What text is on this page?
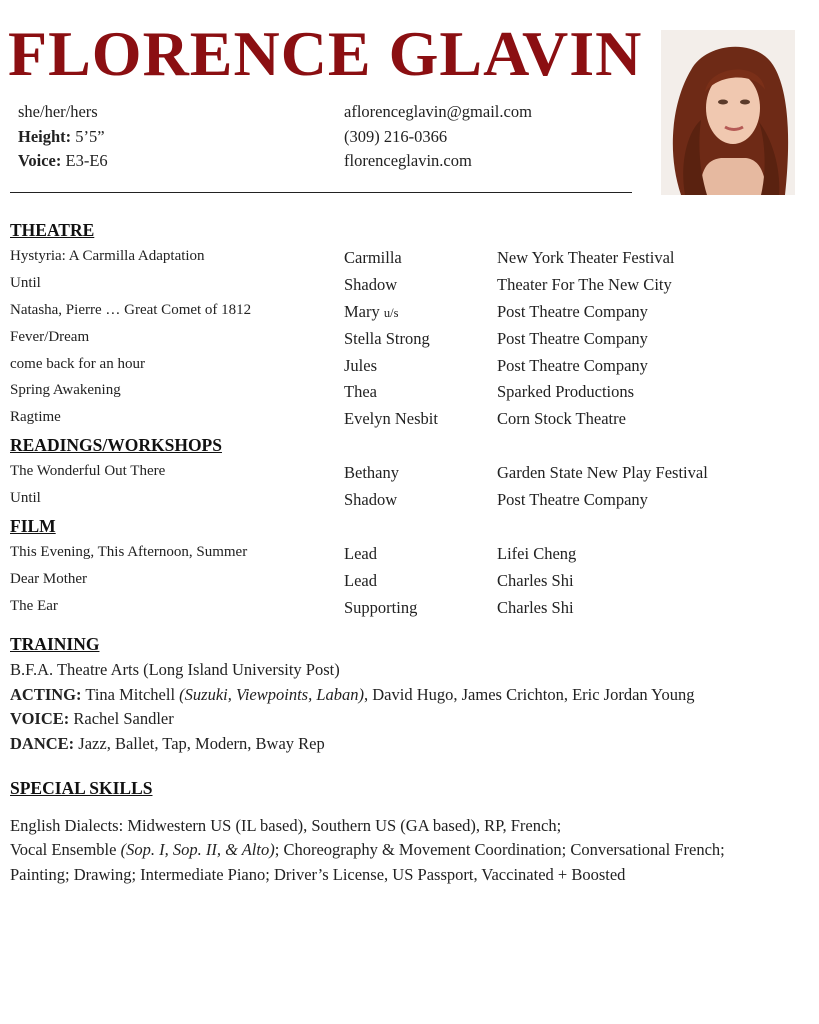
FLORENCE GLAVIN
she/her/hers
Height: 5’5”
Voice: E3-E6
aflorenceglavin@gmail.com
(309) 216-0366
florenceglavin.com
THEATRE
Hystyria: A Carmilla Adaptation	Carmilla	New York Theater Festival
Until	Shadow	Theater For The New City
Natasha, Pierre … Great Comet of 1812	Mary u/s	Post Theatre Company
Fever/Dream	Stella Strong	Post Theatre Company
come back for an hour	Jules	Post Theatre Company
Spring Awakening	Thea	Sparked Productions
Ragtime	Evelyn Nesbit	Corn Stock Theatre
READINGS/WORKSHOPS
The Wonderful Out There	Bethany	Garden State New Play Festival
Until	Shadow	Post Theatre Company
FILM
This Evening, This Afternoon, Summer	Lead	Lifei Cheng
Dear Mother	Lead	Charles Shi
The Ear	Supporting	Charles Shi
TRAINING
B.F.A. Theatre Arts (Long Island University Post)
ACTING: Tina Mitchell (Suzuki, Viewpoints, Laban), David Hugo, James Crichton, Eric Jordan Young
VOICE: Rachel Sandler
DANCE: Jazz, Ballet, Tap, Modern, Bway Rep
SPECIAL SKILLS
English Dialects: Midwestern US (IL based), Southern US (GA based), RP, French;
Vocal Ensemble (Sop. I, Sop. II, & Alto); Choreography & Movement Coordination; Conversational French;
Painting; Drawing; Intermediate Piano; Driver’s License, US Passport, Vaccinated + Boosted
